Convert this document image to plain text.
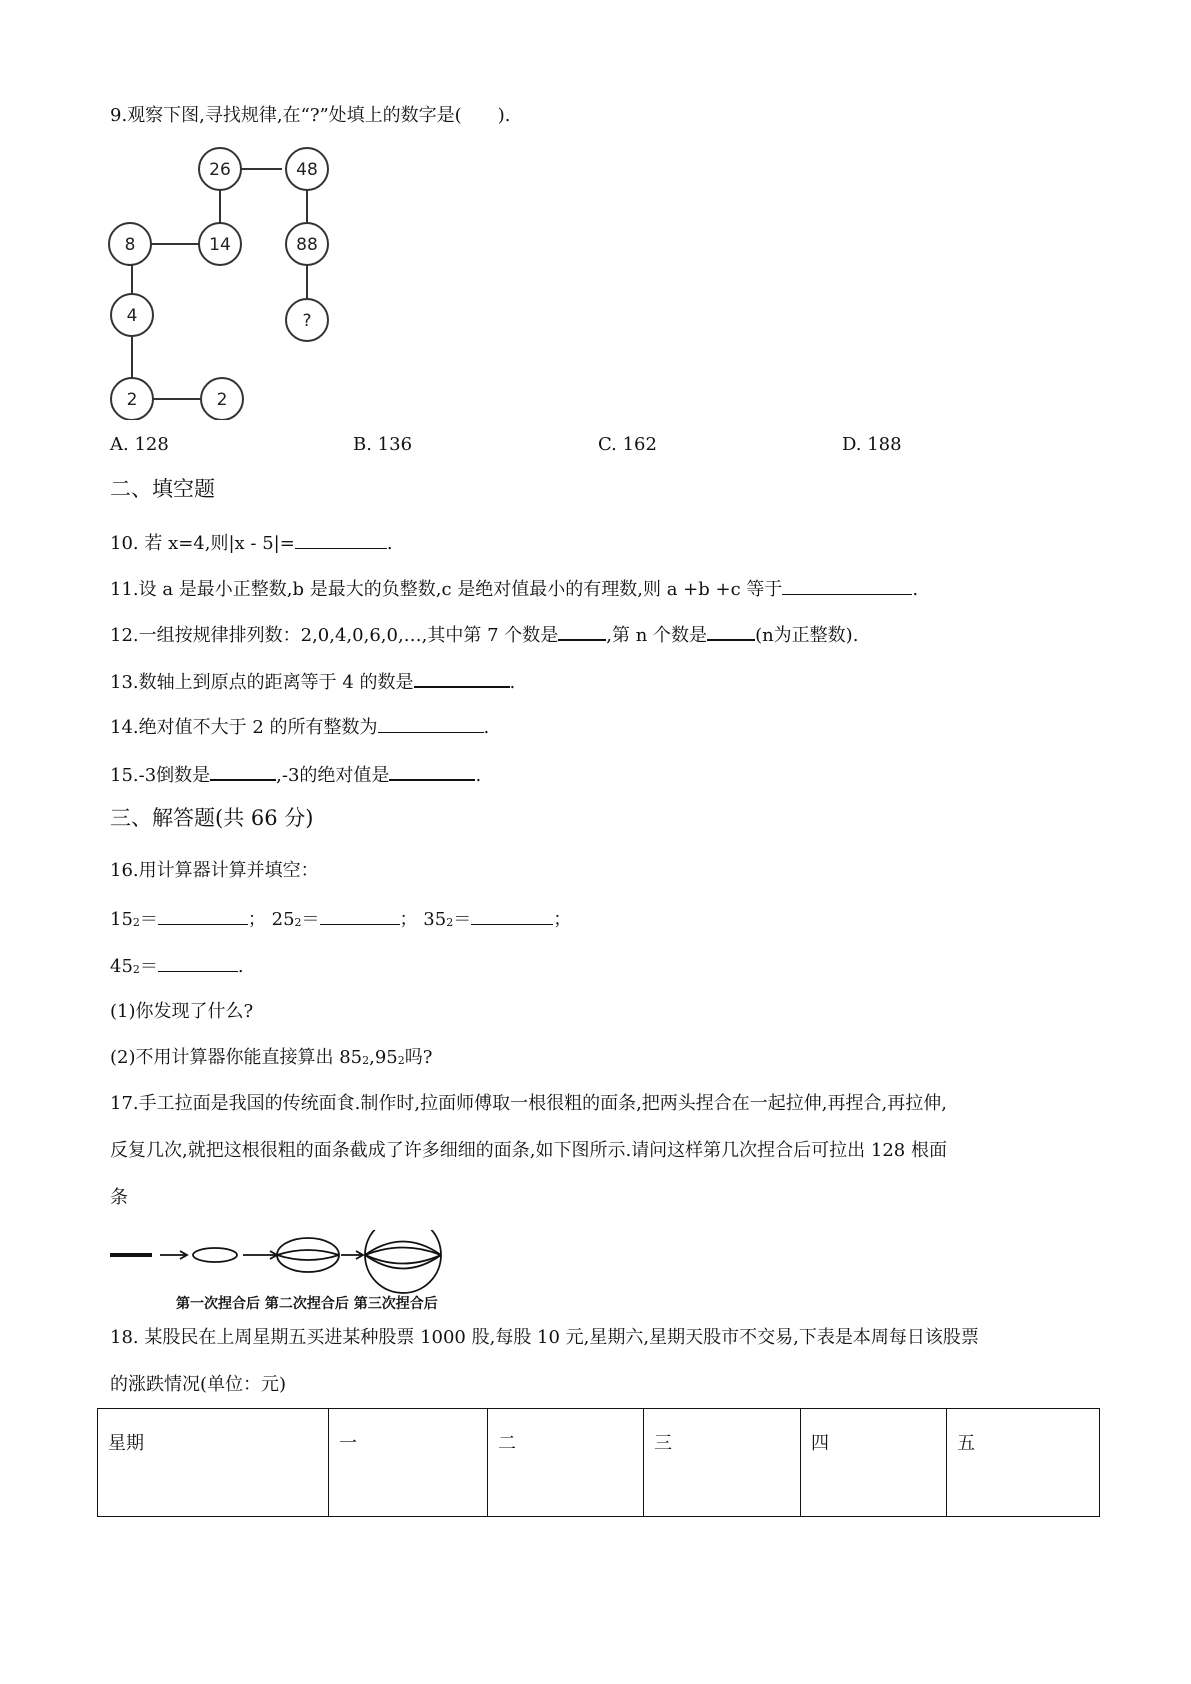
9.观察下图,寻找规律,在“?”处填上的数字是(　　).
26	48
8	14	88
4	?
2	2
A. 128	B. 136	C. 162	D. 188
二、填空题
10. 若 x=4,则|x - 5|=	.
11.设 a 是最小正整数,b 是最大的负整数,c 是绝对值最小的有理数,则 a +b +c 等于	.
12.一组按规律排列数：2,0,4,0,6,0,…,其中第 7 个数是	,第 n 个数是	(n为正整数).
13.数轴上到原点的距离等于 4 的数是	.
14.绝对值不大于 2 的所有整数为	.
15.-3倒数是	,-3的绝对值是	.
三、解答题(共 66 分)
16.用计算器计算并填空：
152＝	； 252＝	； 352＝	；
452＝	.
(1)你发现了什么?
(2)不用计算器你能直接算出 852,952吗?
17.手工拉面是我国的传统面食.制作时,拉面师傅取一根很粗的面条,把两头捏合在一起拉伸,再捏合,再拉伸,
反复几次,就把这根很粗的面条截成了许多细细的面条,如下图所示.请问这样第几次捏合后可拉出 128 根面
条
第一次捏合后 第二次捏合后 第三次捏合后
18. 某股民在上周星期五买进某种股票 1000 股,每股 10 元,星期六,星期天股市不交易,下表是本周每日该股票
的涨跌情况(单位：元)
星期	一	二	三	四	五
